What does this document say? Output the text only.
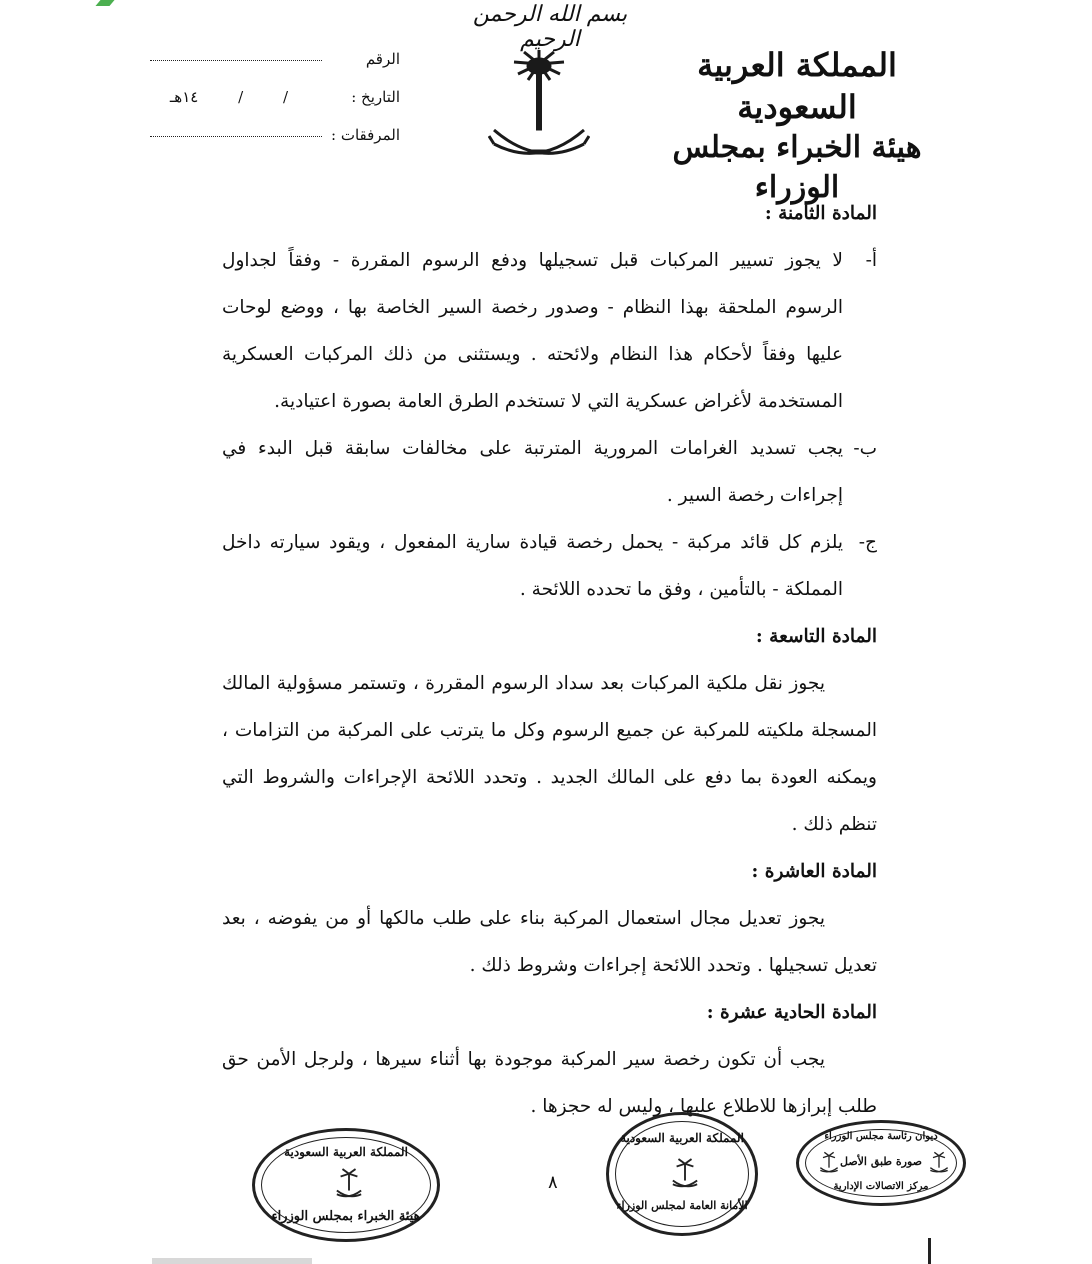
بسم الله الرحمن الرحيم
الرقم
التاريخ :
١٤هـ	/	/
المرفقات :
المملكة العربية السعودية
هيئة الخبراء بمجلس الوزراء
المادة الثامنة :
أ-
لا يجوز تسيير المركبات قبل تسجيلها ودفع الرسوم المقررة - وفقاً لجداول الرسوم الملحقة بهذا النظام - وصدور رخصة السير الخاصة بها ، ووضع لوحات عليها وفقاً لأحكام هذا النظام ولائحته . ويستثنى من ذلك المركبات العسكرية المستخدمة لأغراض عسكرية التي لا تستخدم الطرق العامة بصورة اعتيادية.
ب-
يجب تسديد الغرامات المرورية المترتبة على مخالفات سابقة قبل البدء في إجراءات رخصة السير .
ج-
يلزم كل قائد مركبة - يحمل رخصة قيادة سارية المفعول ، ويقود سيارته داخل المملكة - بالتأمين ، وفق ما تحدده اللائحة .
المادة التاسعة :
يجوز نقل ملكية المركبات بعد سداد الرسوم المقررة ، وتستمر مسؤولية المالك المسجلة ملكيته للمركبة عن جميع الرسوم وكل ما يترتب على المركبة من التزامات ، ويمكنه العودة بما دفع على المالك الجديد . وتحدد اللائحة الإجراءات والشروط التي تنظم ذلك .
المادة العاشرة :
يجوز تعديل مجال استعمال المركبة بناء على طلب مالكها أو من يفوضه ، بعد تعديل تسجيلها . وتحدد اللائحة إجراءات وشروط ذلك .
المادة الحادية عشرة :
يجب أن تكون رخصة سير المركبة موجودة بها أثناء سيرها ، ولرجل الأمن حق طلب إبرازها للاطلاع عليها ، وليس له حجزها .
٨
المملكة العربية السعودية
هيئة الخبراء بمجلس الوزراء
المملكة العربية السعودية
الأمانة العامة لمجلس الوزراء
ديوان رئاسة مجلس الوزراء
صورة طبق الأصل
مركز الاتصالات الإدارية
